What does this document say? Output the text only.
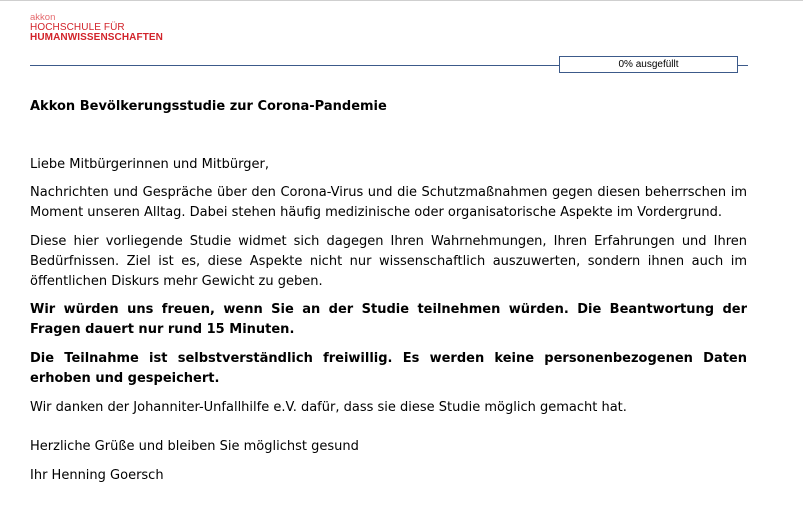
akkon
HOCHSCHULE FÜR
HUMANWISSENSCHAFTEN
0% ausgefüllt

Akkon Bevölkerungsstudie zur Corona-Pandemie

Liebe Mitbürgerinnen und Mitbürger,

Nachrichten und Gespräche über den Corona-Virus und die Schutzmaßnahmen gegen diesen beherrschen im Moment unseren Alltag. Dabei stehen häufig medizinische oder organisatorische Aspekte im Vordergrund.

Diese hier vorliegende Studie widmet sich dagegen Ihren Wahrnehmungen, Ihren Erfahrungen und Ihren Bedürfnissen. Ziel ist es, diese Aspekte nicht nur wissenschaftlich auszuwerten, sondern ihnen auch im öffentlichen Diskurs mehr Gewicht zu geben.

Wir würden uns freuen, wenn Sie an der Studie teilnehmen würden. Die Beantwortung der Fragen dauert nur rund 15 Minuten.

Die Teilnahme ist selbstverständlich freiwillig. Es werden keine personenbezogenen Daten erhoben und gespeichert.

Wir danken der Johanniter-Unfallhilfe e.V. dafür, dass sie diese Studie möglich gemacht hat.

Herzliche Grüße und bleiben Sie möglichst gesund

Ihr Henning Goersch
